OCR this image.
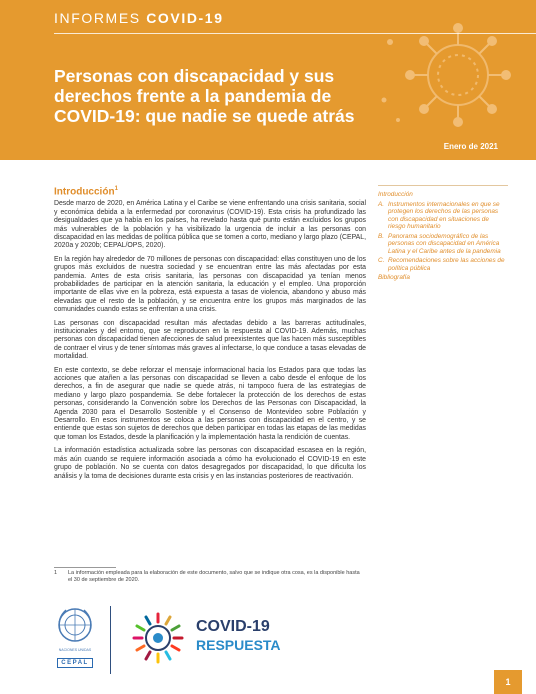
INFORMES COVID-19
Personas con discapacidad y sus derechos frente a la pandemia de COVID-19: que nadie se quede atrás
Enero de 2021
Introducción$^1$

Desde marzo de 2020, en América Latina y el Caribe se viene enfrentando una crisis sanitaria, social y económica debida a la enfermedad por coronavirus (COVID-19). Esta crisis ha profundizado las desigualdades que ya había en los países, ha revelado hasta qué punto están excluidos los grupos más vulnerables de la población y ha visibilizado la urgencia de incluir a las personas con discapacidad en las medidas de política pública que se tomen a corto, mediano y largo plazo (CEPAL, 2020a y 2020b; CEPAL/OPS, 2020).

En la región hay alrededor de 70 millones de personas con discapacidad: ellas constituyen uno de los grupos más excluidos de nuestra sociedad y se encuentran entre las más afectadas por esta pandemia. Antes de esta crisis sanitaria, las personas con discapacidad ya tenían menos probabilidades de participar en la atención sanitaria, la educación y el empleo. Una proporción importante de ellas vive en la pobreza, está expuesta a tasas de violencia, abandono y abuso más elevadas que el resto de la población, y se encuentra entre los grupos más marginados de las comunidades cuando estas se enfrentan a una crisis.

Las personas con discapacidad resultan más afectadas debido a las barreras actitudinales, institucionales y del entorno, que se reproducen en la respuesta al COVID-19. Además, muchas personas con discapacidad tienen afecciones de salud preexistentes que las hacen más susceptibles de contraer el virus y de tener síntomas más graves al infectarse, lo que conduce a tasas elevadas de mortalidad.

En este contexto, se debe reforzar el mensaje informacional hacia los Estados para que todas las acciones que atañen a las personas con discapacidad se lleven a cabo desde el enfoque de los derechos, a fin de asegurar que nadie se quede atrás, ni tampoco fuera de las estrategias de mediano y largo plazo pospandemia. Se debe fortalecer la protección de los derechos de estas personas, considerando la Convención sobre los Derechos de las Personas con Discapacidad, la Agenda 2030 para el Desarrollo Sostenible y el Consenso de Montevideo sobre Población y Desarrollo. En esos instrumentos se coloca a las personas con discapacidad en el centro, y se entiende que estas son sujetos de derechos que deben participar en todas las etapas de las medidas que toman los Estados, desde la planificación y la implementación hasta la rendición de cuentas.

La información estadística actualizada sobre las personas con discapacidad escasea en la región, más aún cuando se requiere información asociada a cómo ha evolucionado el COVID-19 en este grupo de población. No se cuenta con datos desagregados por discapacidad, lo que dificulta los análisis y la toma de decisiones durante esta crisis y en las instancias posteriores de reactivación.

Introducción
A. Instrumentos internacionales en que se protegen los derechos de las personas con discapacidad en situaciones de riesgo humanitario
B. Panorama sociodemográfico de las personas con discapacidad en América Latina y el Caribe antes de la pandemia
C. Recomendaciones sobre las acciones de política pública
Bibliografía
1	La información empleada para la elaboración de este documento, salvo que se indique otra cosa, es la disponible hasta el 30 de septiembre de 2020.
NACIONES UNIDAS
CEPAL
COVID-19
RESPUESTA
1
